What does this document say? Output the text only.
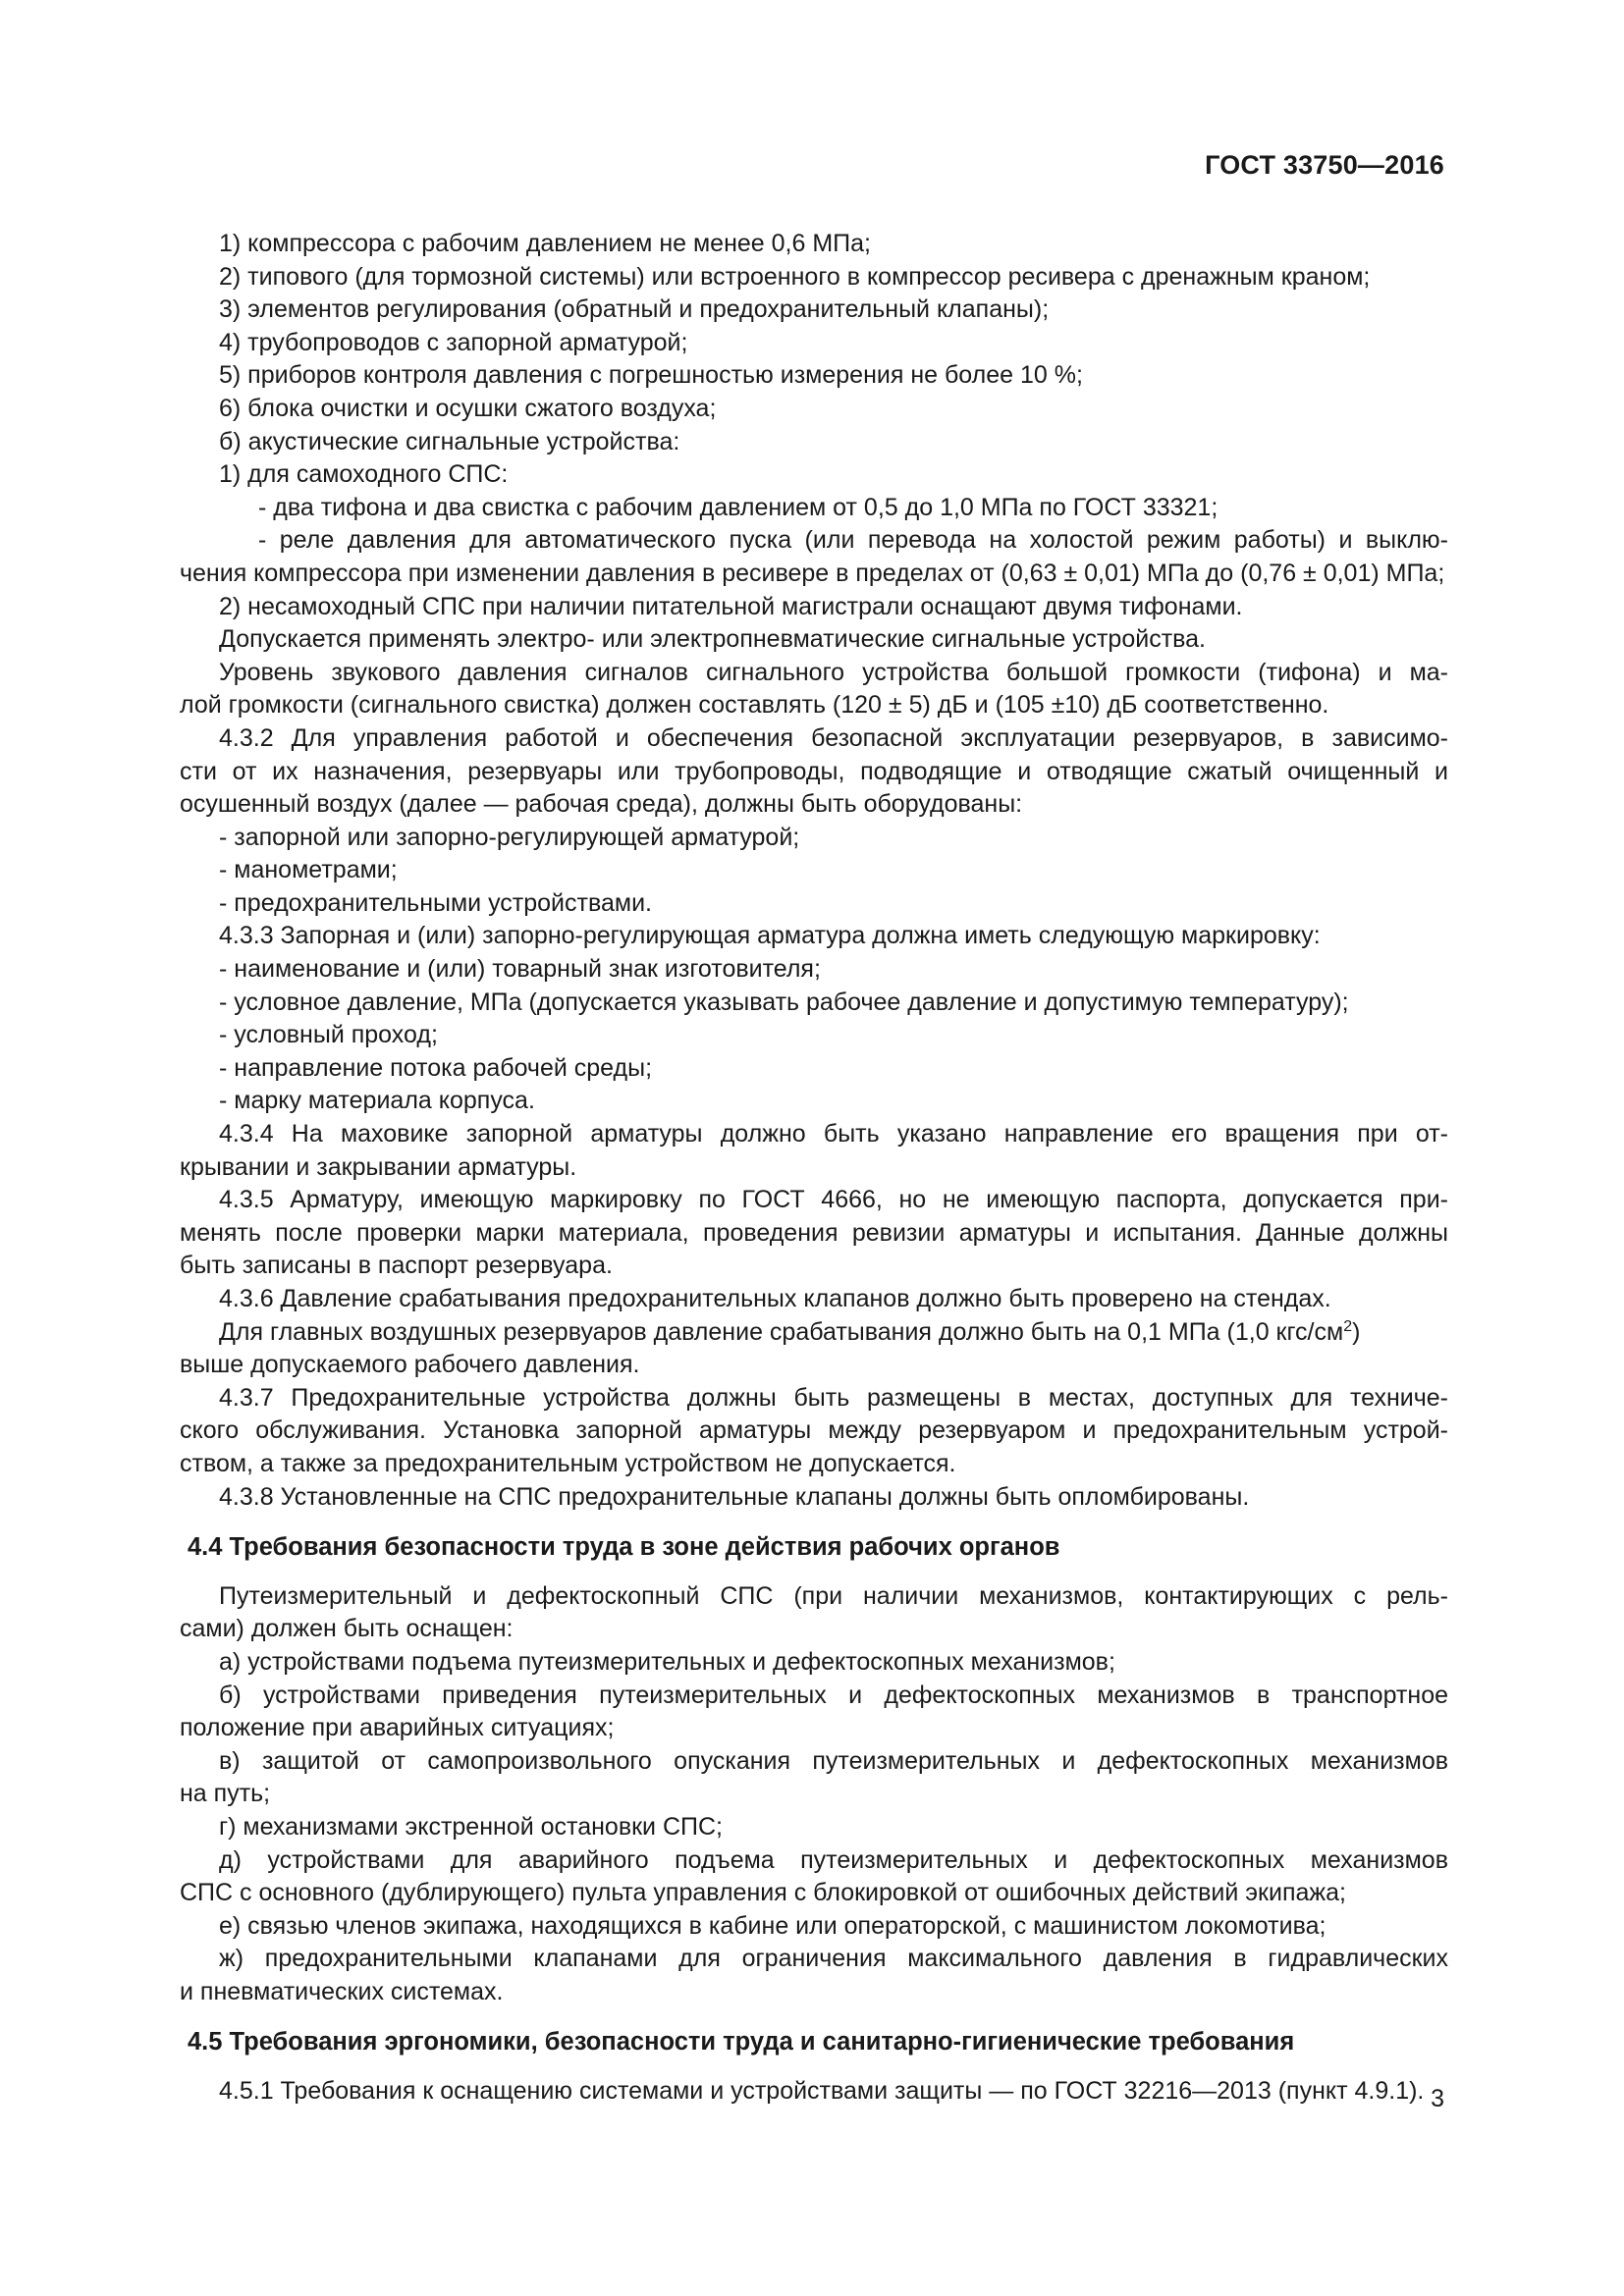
ГОСТ 33750—2016

1) компрессора с рабочим давлением не менее 0,6 МПа;

2) типового (для тормозной системы) или встроенного в компрессор ресивера с дренажным краном;

3) элементов регулирования (обратный и предохранительный клапаны);

4) трубопроводов с запорной арматурой;

5) приборов контроля давления с погрешностью измерения не более 10 %;

6) блока очистки и осушки сжатого воздуха;

б) акустические сигнальные устройства:

1) для самоходного СПС:

- два тифона и два свистка с рабочим давлением от 0,5 до 1,0 МПа по ГОСТ 33321;

- реле давления для автоматического пуска (или перевода на холостой режим работы) и выклю-

чения компрессора при изменении давления в ресивере в пределах от (0,63 ± 0,01) МПа до (0,76 ± 0,01) МПа;

2) несамоходный СПС при наличии питательной магистрали оснащают двумя тифонами.

Допускается применять электро- или электропневматические сигнальные устройства.

Уровень звукового давления сигналов сигнального устройства большой громкости (тифона) и ма-

лой громкости (сигнального свистка) должен составлять (120 ± 5) дБ и (105 ±10) дБ соответственно.

4.3.2 Для управления работой и обеспечения безопасной эксплуатации резервуаров, в зависимо-

сти от их назначения, резервуары или трубопроводы, подводящие и отводящие сжатый очищенный и

осушенный воздух (далее — рабочая среда), должны быть оборудованы:

- запорной или запорно-регулирующей арматурой;

- манометрами;

- предохранительными устройствами.

4.3.3 Запорная и (или) запорно-регулирующая арматура должна иметь следующую маркировку:

- наименование и (или) товарный знак изготовителя;

- условное давление, МПа (допускается указывать рабочее давление и допустимую температуру);

- условный проход;

- направление потока рабочей среды;

- марку материала корпуса.

4.3.4 На маховике запорной арматуры должно быть указано направление его вращения при от-

крывании и закрывании арматуры.

4.3.5 Арматуру, имеющую маркировку по ГОСТ 4666, но не имеющую паспорта, допускается при-

менять после проверки марки материала, проведения ревизии арматуры и испытания. Данные должны

быть записаны в паспорт резервуара.

4.3.6 Давление срабатывания предохранительных клапанов должно быть проверено на стендах.

Для главных воздушных резервуаров давление срабатывания должно быть на 0,1 МПа (1,0 кгс/$см^2$)

выше допускаемого рабочего давления.

4.3.7 Предохранительные устройства должны быть размещены в местах, доступных для техниче-

ского обслуживания. Установка запорной арматуры между резервуаром и предохранительным устрой-

ством, а также за предохранительным устройством не допускается.

4.3.8 Установленные на СПС предохранительные клапаны должны быть опломбированы.

4.4 Требования безопасности труда в зоне действия рабочих органов

Путеизмерительный и дефектоскопный СПС (при наличии механизмов, контактирующих с рель-

сами) должен быть оснащен:

а) устройствами подъема путеизмерительных и дефектоскопных механизмов;

б) устройствами приведения путеизмерительных и дефектоскопных механизмов в транспортное

положение при аварийных ситуациях;

в) защитой от самопроизвольного опускания путеизмерительных и дефектоскопных механизмов

на путь;

г) механизмами экстренной остановки СПС;

д) устройствами для аварийного подъема путеизмерительных и дефектоскопных механизмов

СПС с основного (дублирующего) пульта управления с блокировкой от ошибочных действий экипажа;

е) связью членов экипажа, находящихся в кабине или операторской, с машинистом локомотива;

ж) предохранительными клапанами для ограничения максимального давления в гидравлических

и пневматических системах.

4.5 Требования эргономики, безопасности труда и санитарно-гигиенические требования

4.5.1 Требования к оснащению системами и устройствами защиты — по ГОСТ 32216—2013 (пункт 4.9.1). 3
